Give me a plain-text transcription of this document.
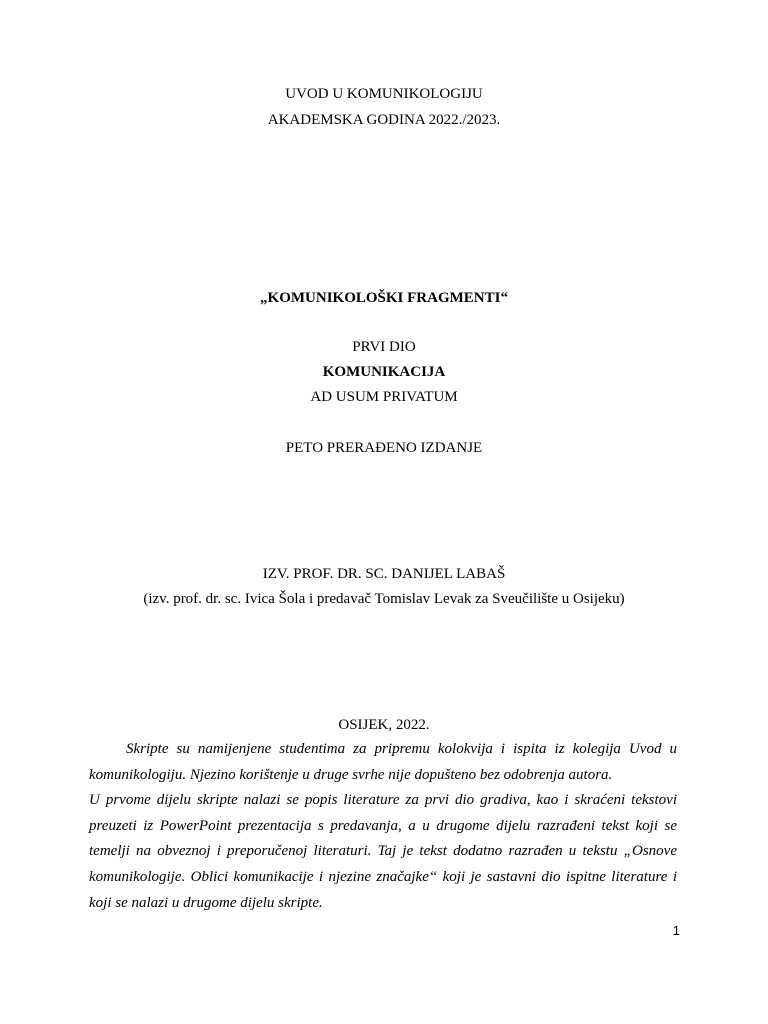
UVOD U KOMUNIKOLOGIJU
AKADEMSKA GODINA 2022./2023.
„KOMUNIKOLOŠKI FRAGMENTI“
PRVI DIO
KOMUNIKACIJA
AD USUM PRIVATUM
PETO PRERAĐENO IZDANJE
IZV. PROF. DR. SC. DANIJEL LABAŠ
(izv. prof. dr. sc. Ivica Šola i predavač Tomislav Levak za Sveučilište u Osijeku)
OSIJEK, 2022.

Skripte su namijenjene studentima za pripremu kolokvija i ispita iz kolegija Uvod u komunikologiju. Njezino korištenje u druge svrhe nije dopušteno bez odobrenja autora.

U prvome dijelu skripte nalazi se popis literature za prvi dio gradiva, kao i skraćeni tekstovi preuzeti iz PowerPoint prezentacija s predavanja, a u drugome dijelu razrađeni tekst koji se temelji na obveznoj i preporučenoj literaturi. Taj je tekst dodatno razrađen u tekstu „Osnove komunikologije. Oblici komunikacije i njezine značajke“ koji je sastavni dio ispitne literature i koji se nalazi u drugome dijelu skripte.

1
